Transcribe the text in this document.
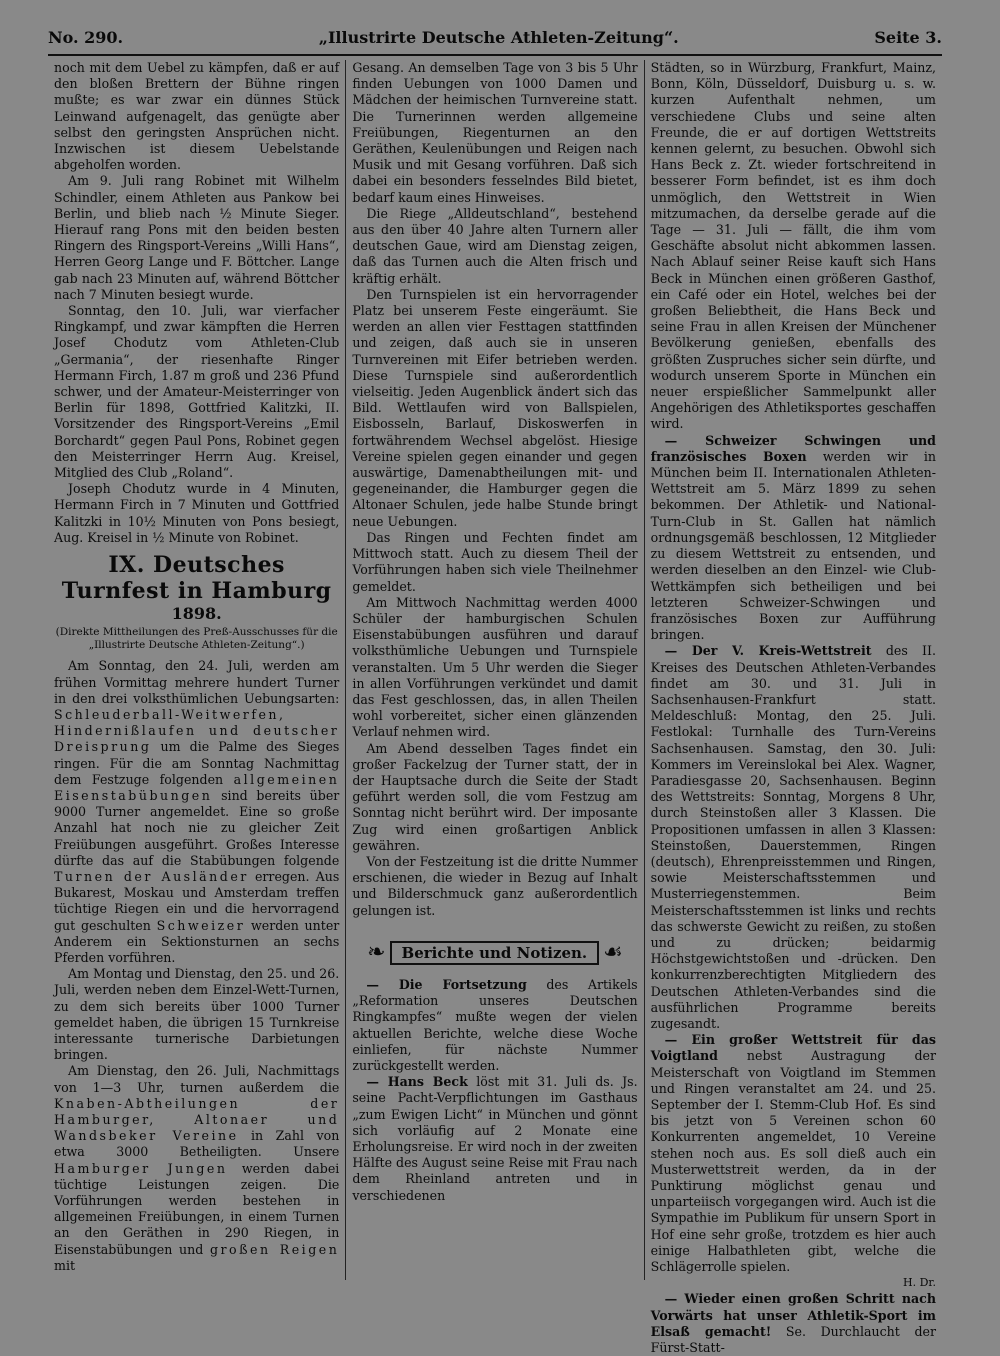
No. 290.	„Illustrirte Deutsche Athleten-Zeitung“.	Seite 3.

noch mit dem Uebel zu kämpfen, daß er auf den bloßen Brettern der Bühne ringen mußte; es war zwar ein dünnes Stück Leinwand aufgenagelt, das genügte aber selbst den geringsten Ansprüchen nicht. Inzwischen ist diesem Uebelstande abgeholfen worden.

Am 9. Juli rang Robinet mit Wilhelm Schindler, einem Athleten aus Pankow bei Berlin, und blieb nach ½ Minute Sieger. Hierauf rang Pons mit den beiden besten Ringern des Ringsport-Vereins „Willi Hans“, Herren Georg Lange und F. Böttcher. Lange gab nach 23 Minuten auf, während Böttcher nach 7 Minuten besiegt wurde.

Sonntag, den 10. Juli, war vierfacher Ringkampf, und zwar kämpften die Herren Josef Chodutz vom Athleten-Club „Germania“, der riesenhafte Ringer Hermann Firch, 1.87 m groß und 236 Pfund schwer, und der Amateur-Meisterringer von Berlin für 1898, Gottfried Kalitzki, II. Vorsitzender des Ringsport-Vereins „Emil Borchardt“ gegen Paul Pons, Robinet gegen den Meisterringer Herrn Aug. Kreisel, Mitglied des Club „Roland“.

Joseph Chodutz wurde in 4 Minuten, Hermann Firch in 7 Minuten und Gottfried Kalitzki in 10½ Minuten von Pons besiegt, Aug. Kreisel in ½ Minute von Robinet.

IX. Deutsches Turnfest in Hamburg
1898.
(Direkte Mittheilungen des Preß-Ausschusses für die „Illustrirte Deutsche Athleten-Zeitung“.)

Am Sonntag, den 24. Juli, werden am frühen Vormittag mehrere hundert Turner in den drei volksthümlichen Uebungsarten: Schleuderball-Weitwerfen, Hindernißlaufen und deutscher Dreisprung um die Palme des Sieges ringen. Für die am Sonntag Nachmittag dem Festzuge folgenden allgemeinen Eisenstabübungen sind bereits über 9000 Turner angemeldet. Eine so große Anzahl hat noch nie zu gleicher Zeit Freiübungen ausgeführt. Großes Interesse dürfte das auf die Stabübungen folgende Turnen der Ausländer erregen. Aus Bukarest, Moskau und Amsterdam treffen tüchtige Riegen ein und die hervorragend gut geschulten Schweizer werden unter Anderem ein Sektionsturnen an sechs Pferden vorführen.

Am Montag und Dienstag, den 25. und 26. Juli, werden neben dem Einzel-Wett-Turnen, zu dem sich bereits über 1000 Turner gemeldet haben, die übrigen 15 Turnkreise interessante turnerische Darbietungen bringen.

Am Dienstag, den 26. Juli, Nachmittags von 1—3 Uhr, turnen außerdem die Knaben-Abtheilungen der Hamburger, Altonaer und Wandsbeker Vereine in Zahl von etwa 3000 Betheiligten. Unsere Hamburger Jungen werden dabei tüchtige Leistungen zeigen. Die Vorführungen werden bestehen in allgemeinen Freiübungen, in einem Turnen an den Geräthen in 290 Riegen, in Eisenstabübungen und großen Reigen mit

Gesang. An demselben Tage von 3 bis 5 Uhr finden Uebungen von 1000 Damen und Mädchen der heimischen Turnvereine statt. Die Turnerinnen werden allgemeine Freiübungen, Riegenturnen an den Geräthen, Keulenübungen und Reigen nach Musik und mit Gesang vorführen. Daß sich dabei ein besonders fesselndes Bild bietet, bedarf kaum eines Hinweises.

Die Riege „Alldeutschland“, bestehend aus den über 40 Jahre alten Turnern aller deutschen Gaue, wird am Dienstag zeigen, daß das Turnen auch die Alten frisch und kräftig erhält.

Den Turnspielen ist ein hervorragender Platz bei unserem Feste eingeräumt. Sie werden an allen vier Festtagen stattfinden und zeigen, daß auch sie in unseren Turnvereinen mit Eifer betrieben werden. Diese Turnspiele sind außerordentlich vielseitig. Jeden Augenblick ändert sich das Bild. Wettlaufen wird von Ballspielen, Eisbosseln, Barlauf, Diskoswerfen in fortwährendem Wechsel abgelöst. Hiesige Vereine spielen gegen einander und gegen auswärtige, Damenabtheilungen mit- und gegeneinander, die Hamburger gegen die Altonaer Schulen, jede halbe Stunde bringt neue Uebungen.

Das Ringen und Fechten findet am Mittwoch statt. Auch zu diesem Theil der Vorführungen haben sich viele Theilnehmer gemeldet.

Am Mittwoch Nachmittag werden 4000 Schüler der hamburgischen Schulen Eisenstabübungen ausführen und darauf volksthümliche Uebungen und Turnspiele veranstalten. Um 5 Uhr werden die Sieger in allen Vorführungen verkündet und damit das Fest geschlossen, das, in allen Theilen wohl vorbereitet, sicher einen glänzenden Verlauf nehmen wird.

Am Abend desselben Tages findet ein großer Fackelzug der Turner statt, der in der Hauptsache durch die Seite der Stadt geführt werden soll, die vom Festzug am Sonntag nicht berührt wird. Der imposante Zug wird einen großartigen Anblick gewähren.

Von der Festzeitung ist die dritte Nummer erschienen, die wieder in Bezug auf Inhalt und Bilderschmuck ganz außerordentlich gelungen ist.

❧	Berichte und Notizen. ☙

— Die Fortsetzung des Artikels „Reformation unseres Deutschen Ringkampfes“ mußte wegen der vielen aktuellen Berichte, welche diese Woche einliefen, für nächste Nummer zurückgestellt werden.

— Hans Beck löst mit 31. Juli ds. Js. seine Pacht-Verpflichtungen im Gasthaus „zum Ewigen Licht“ in München und gönnt sich vorläufig auf 2 Monate eine Erholungsreise. Er wird noch in der zweiten Hälfte des August seine Reise mit Frau nach dem Rheinland antreten und in verschiedenen

Städten, so in Würzburg, Frankfurt, Mainz, Bonn, Köln, Düsseldorf, Duisburg u. s. w. kurzen Aufenthalt nehmen, um verschiedene Clubs und seine alten Freunde, die er auf dortigen Wettstreits kennen gelernt, zu besuchen. Obwohl sich Hans Beck z. Zt. wieder fortschreitend in besserer Form befindet, ist es ihm doch unmöglich, den Wettstreit in Wien mitzumachen, da derselbe gerade auf die Tage — 31. Juli — fällt, die ihm vom Geschäfte absolut nicht abkommen lassen. Nach Ablauf seiner Reise kauft sich Hans Beck in München einen größeren Gasthof, ein Café oder ein Hotel, welches bei der großen Beliebtheit, die Hans Beck und seine Frau in allen Kreisen der Münchener Bevölkerung genießen, ebenfalls des größten Zuspruches sicher sein dürfte, und wodurch unserem Sporte in München ein neuer erspießlicher Sammelpunkt aller Angehörigen des Athletiksportes geschaffen wird.

— Schweizer Schwingen und französisches Boxen werden wir in München beim II. Internationalen Athleten-Wettstreit am 5. März 1899 zu sehen bekommen. Der Athletik- und National-Turn-Club in St. Gallen hat nämlich ordnungsgemäß beschlossen, 12 Mitglieder zu diesem Wettstreit zu entsenden, und werden dieselben an den Einzel- wie Club-Wettkämpfen sich betheiligen und bei letzteren Schweizer-Schwingen und französisches Boxen zur Aufführung bringen.

— Der V. Kreis-Wettstreit des II. Kreises des Deutschen Athleten-Verbandes findet am 30. und 31. Juli in Sachsenhausen-Frankfurt statt. Meldeschluß: Montag, den 25. Juli. Festlokal: Turnhalle des Turn-Vereins Sachsenhausen. Samstag, den 30. Juli: Kommers im Vereinslokal bei Alex. Wagner, Paradiesgasse 20, Sachsenhausen. Beginn des Wettstreits: Sonntag, Morgens 8 Uhr, durch Steinstoßen aller 3 Klassen. Die Propositionen umfassen in allen 3 Klassen: Steinstoßen, Dauerstemmen, Ringen (deutsch), Ehrenpreisstemmen und Ringen, sowie Meisterschaftsstemmen und Musterriegenstemmen. Beim Meisterschaftsstemmen ist links und rechts das schwerste Gewicht zu reißen, zu stoßen und zu drücken; beidarmig Höchstgewichtstoßen und -drücken. Den konkurrenzberechtigten Mitgliedern des Deutschen Athleten-Verbandes sind die ausführlichen Programme bereits zugesandt.

— Ein großer Wettstreit für das Voigtland nebst Austragung der Meisterschaft von Voigtland im Stemmen und Ringen veranstaltet am 24. und 25. September der I. Stemm-Club Hof. Es sind bis jetzt von 5 Vereinen schon 60 Konkurrenten angemeldet, 10 Vereine stehen noch aus. Es soll dieß auch ein Musterwettstreit werden, da in der Punktirung möglichst genau und unparteiisch vorgegangen wird. Auch ist die Sympathie im Publikum für unsern Sport in Hof eine sehr große, trotzdem es hier auch einige Halbathleten gibt, welche die Schlägerrolle spielen.

H. Dr.

— Wieder einen großen Schritt nach Vorwärts hat unser Athletik-Sport im Elsaß gemacht! Se. Durchlaucht der Fürst-Statt-
